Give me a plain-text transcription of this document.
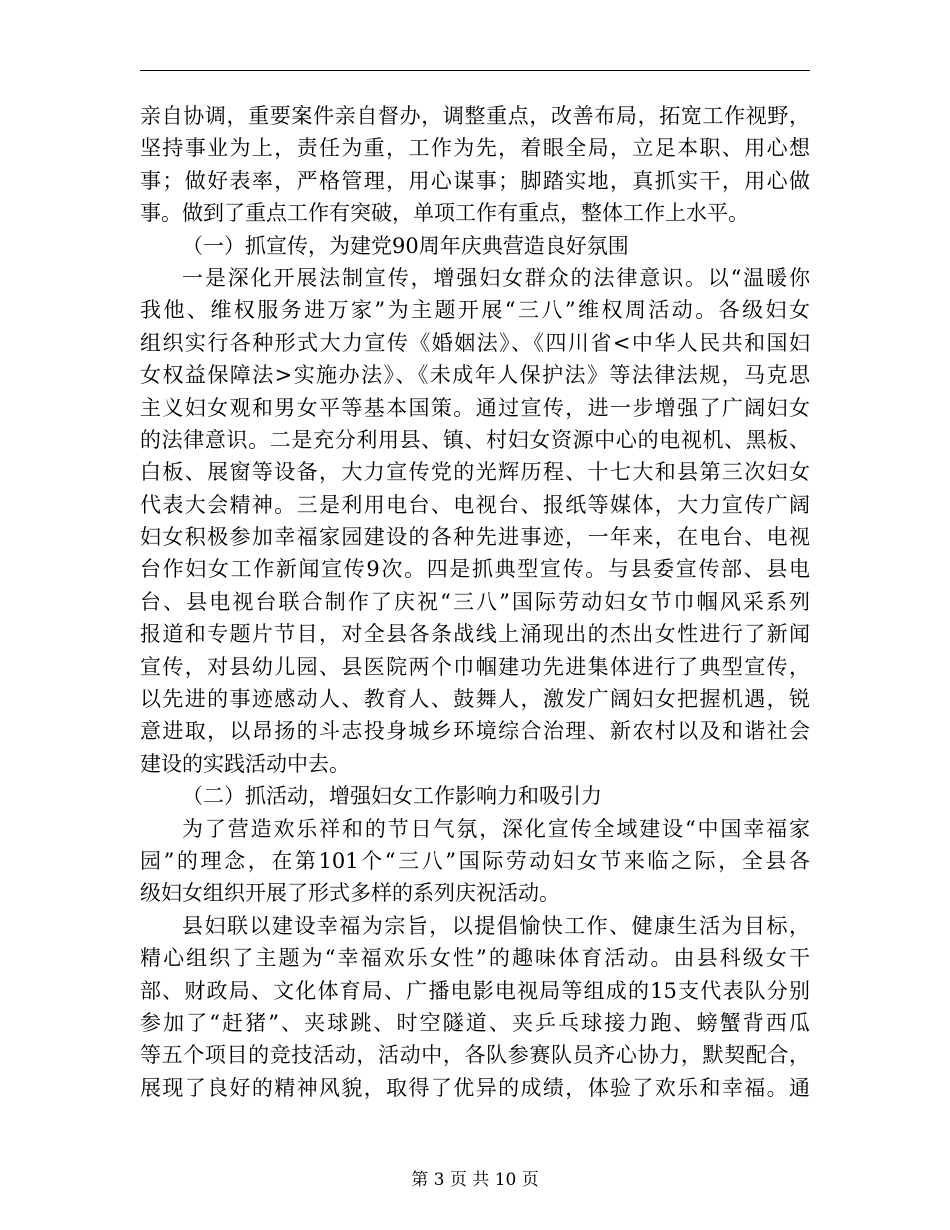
亲自协调，重要案件亲自督办，调整重点，改善布局，拓宽工作视野，
坚持事业为上，责任为重，工作为先，着眼全局，立足本职、用心想
事；做好表率，严格管理，用心谋事；脚踏实地，真抓实干，用心做
事。做到了重点工作有突破，单项工作有重点，整体工作上水平。
（一）抓宣传，为建党90周年庆典营造良好氛围
一是深化开展法制宣传，增强妇女群众的法律意识。以“温暖你
我他、维权服务进万家”为主题开展“三八”维权周活动。各级妇女
组织实行各种形式大力宣传《婚姻法》、《四川省<中华人民共和国妇
女权益保障法>实施办法》、《未成年人保护法》等法律法规，马克思
主义妇女观和男女平等基本国策。通过宣传，进一步增强了广阔妇女
的法律意识。二是充分利用县、镇、村妇女资源中心的电视机、黑板、
白板、展窗等设备，大力宣传党的光辉历程、十七大和县第三次妇女
代表大会精神。三是利用电台、电视台、报纸等媒体，大力宣传广阔
妇女积极参加幸福家园建设的各种先进事迹，一年来，在电台、电视
台作妇女工作新闻宣传9次。四是抓典型宣传。与县委宣传部、县电
台、县电视台联合制作了庆祝“三八”国际劳动妇女节巾帼风采系列
报道和专题片节目，对全县各条战线上涌现出的杰出女性进行了新闻
宣传，对县幼儿园、县医院两个巾帼建功先进集体进行了典型宣传，
以先进的事迹感动人、教育人、鼓舞人，激发广阔妇女把握机遇，锐
意进取，以昂扬的斗志投身城乡环境综合治理、新农村以及和谐社会
建设的实践活动中去。
（二）抓活动，增强妇女工作影响力和吸引力
为了营造欢乐祥和的节日气氛，深化宣传全域建设“中国幸福家
园”的理念，在第101个“三八”国际劳动妇女节来临之际，全县各
级妇女组织开展了形式多样的系列庆祝活动。
县妇联以建设幸福为宗旨，以提倡愉快工作、健康生活为目标，
精心组织了主题为“幸福欢乐女性”的趣味体育活动。由县科级女干
部、财政局、文化体育局、广播电影电视局等组成的15支代表队分别
参加了“赶猪”、夹球跳、时空隧道、夹乒乓球接力跑、螃蟹背西瓜
等五个项目的竞技活动，活动中，各队参赛队员齐心协力，默契配合，
展现了良好的精神风貌，取得了优异的成绩，体验了欢乐和幸福。通
第 3 页 共 10 页
